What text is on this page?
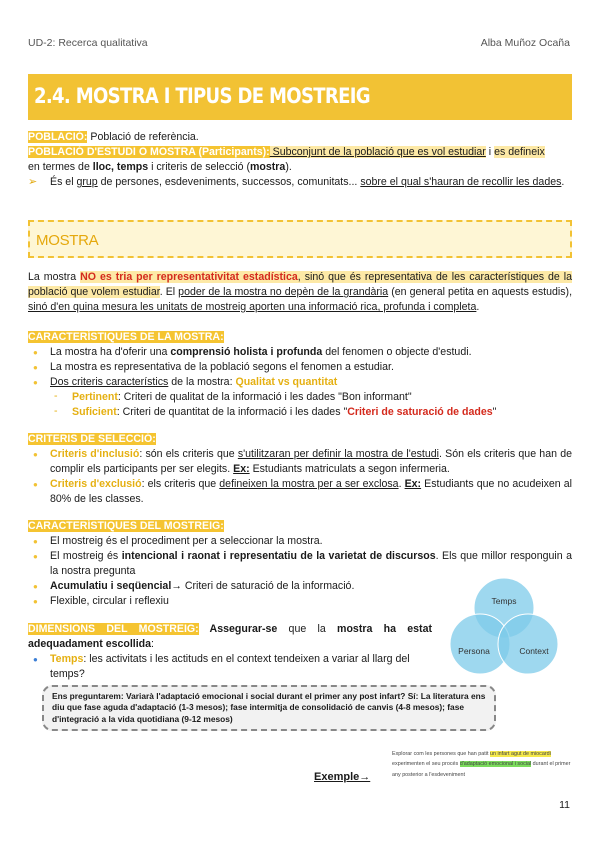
UD-2: Recerca qualitativa	Alba Muñoz Ocaña
2.4. MOSTRA I TIPUS DE MOSTREIG
POBLACIÓ: Població de referència.
POBLACIÓ D'ESTUDI O MOSTRA (Participants): Subconjunt de la població que es vol estudiar i es defineix
en termes de lloc, temps i criteris de selecció (mostra).
➢	És el grup de persones, esdeveniments, successos, comunitats... sobre el qual s'hauran de recollir les dades.
MOSTRA
La mostra NO es tria per representativitat estadística, sinó que és representativa de les característiques de la població que volem estudiar. El poder de la mostra no depèn de la grandària (en general petita en aquests estudis), sinó d'en quina mesura les unitats de mostreig aporten una informació rica, profunda i completa.
CARACTERÍSTIQUES DE LA MOSTRA:
● La mostra ha d'oferir una comprensió holista i profunda del fenomen o objecte d'estudi.
● La mostra es representativa de la població segons el fenomen a estudiar.
● Dos criteris característics de la mostra: Qualitat vs quantitat
- Pertinent: Criteri de qualitat de la informació i les dades "Bon informant"
- Suficient: Criteri de quantitat de la informació i les dades "Criteri de saturació de dades"
CRITERIS DE SELECCIÓ:
● Criteris d'inclusió: són els criteris que s'utilitzaran per definir la mostra de l'estudi. Són els criteris que han de complir els participants per ser elegits. Ex: Estudiants matriculats a segon infermeria.
● Criteris d'exclusió: els criteris que defineixen la mostra per a ser exclosa. Ex: Estudiants que no acudeixen al 80% de les classes.
CARACTERÍSTIQUES DEL MOSTREIG:
● El mostreig és el procediment per a seleccionar la mostra.
● El mostreig és intencional i raonat i representatiu de la varietat de discursos. Els que millor responguin a la nostra pregunta
● Acumulatiu i seqüencial→ Criteri de saturació de la informació.
● Flexible, circular i reflexiu
DIMENSIONS DEL MOSTREIG: Assegurar-se que la mostra ha estat adequadament escollida:
● Temps: les activitats i les actituds en el context tendeixen a variar al llarg del temps?
Temps
Persona	Context
Ens preguntarem: Variarà l'adaptació emocional i social durant el primer any post infart? Sí: La literatura ens diu que fase aguda d'adaptació (1-3 mesos); fase intermitja de consolidació de canvis (4-8 mesos); fase d'integració a la vida quotidiana (9-12 mesos)
Exemple→
Explorar com les persones que han patit un infart agut de miocardi experimenten el seu procés d'adaptació emocional i social durant el primer any posterior a l'esdeveniment
11
